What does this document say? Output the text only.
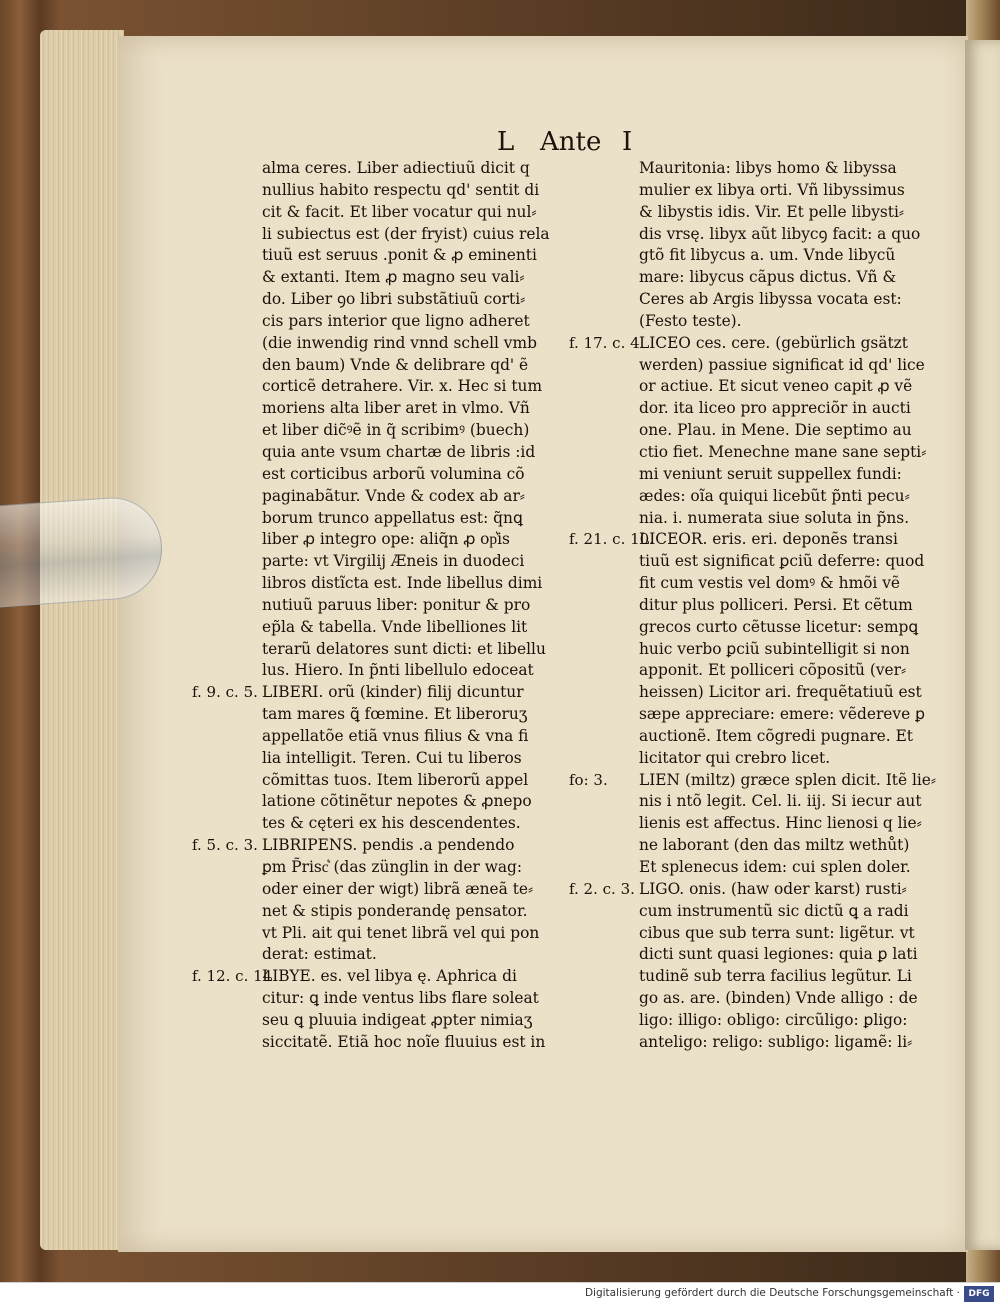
L Ante I
alma ceres. Liber adiectiuũ dicit q
nullius habito respectu qd' sentit di
cit & facit. Et liber vocatur qui nul⸗
li subiectus est (der fryist) cuius rela
tiuũ est seruus .ponit & ꝓ eminenti
& extanti. Item ꝓ magno seu vali⸗
do. Liber ꝯo libri substãtiuũ corti⸗
cis pars interior que ligno adheret
(die inwendig rind vnnd schell vmb
den baum) Vnde & delibrare qd' ẽ
corticẽ detrahere. Vir. x. Hec si tum
moriens alta liber aret in vlmo. Vñ
et liber dic̃ꝰẽ in q̃ scribimꝰ (buech)
quia ante vsum chartæ de libris :id
est corticibus arborũ volumina cõ
paginabãtur. Vnde & codex ab ar⸗
borum trunco appellatus est: q̃nꝗ
liber ꝓ integro ope: aliq̃n ꝓ op͛is
parte: vt Virgilij Æneis in duodeci
libros distĩcta est. Inde libellus dimi
nutiuũ paruus liber: ponitur & pro
ep̃la & tabella. Vnde libelliones lit
terarũ delatores sunt dicti: et libellu
lus. Hiero. In p̃nti libellulo edoceat
LIBERI. orũ (kinder) filij dicuntur
f. 9. c. 5.
tam mares ꝗ̃ fœmine. Et liberoruʒ
appellatõe etiã vnus filius & vna fi
lia intelligit. Teren. Cui tu liberos
cõmittas tuos. Item liberorũ appel
latione cõtinẽtur nepotes & ꝓnepo
tes & cęteri ex his descendentes.
LIBRIPENS. pendis .a pendendo
f. 5. c. 3.
ꝑm P̃risc͛ (das zünglin in der wag:
oder einer der wigt) librã æneã te⸗
net & stipis ponderandę pensator.
vt Pli. ait qui tenet librã vel qui pon
derat: estimat.
LIBYE. es. vel libya ę. Aphrica di
f. 12. c. 14
citur: ꝗ inde ventus libs flare soleat
seu ꝗ pluuia indigeat ꝓpter nimiaʒ
siccitatẽ. Etiã hoc noĩe fluuius est in
Mauritonia: libys homo & libyssa
mulier ex libya orti. Vñ libyssimus
& libystis idis. Vir. Et pelle libysti⸗
dis vrsę. libyx aũt libycꝯ facit: a quo
gtõ fit libycus a. um. Vnde libycũ
mare: libycus cãpus dictus. Vñ &
Ceres ab Argis libyssa vocata est:
(Festo teste).
LICEO ces. cere. (gebürlich gsätzt
f. 17. c. 4
werden) passiue significat id qd' lice
or actiue. Et sicut veneo capit ꝓ vẽ
dor. ita liceo pro appreciõr in aucti
one. Plau. in Mene. Die septimo au
ctio fiet. Menechne mane sane septi⸗
mi veniunt seruit suppellex fundi:
ædes: oĩa quiqui licebũt p̃nti pecu⸗
nia. i. numerata siue soluta in p̃ns.
LICEOR. eris. eri. deponẽs transi
f. 21. c. 10.
tiuũ est significat ꝑciũ deferre: quod
fit cum vestis vel domꝰ & hmõi vẽ
ditur plus polliceri. Persi. Et cẽtum
grecos curto cẽtusse licetur: sempꝗ
huic verbo ꝑciũ subintelligit si non
apponit. Et polliceri cõpositũ (ver⸗
heissen) Licitor ari. frequẽtatiuũ est
sæpe appreciare: emere: vẽdereve ꝑ
auctionẽ. Item cõgredi pugnare. Et
licitator qui crebro licet.
LIEN (miltz) græce splen dicit. Itẽ lie⸗
fo: 3.
nis i ntõ legit. Cel. li. iij. Si iecur aut
lienis est affectus. Hinc lienosi q lie⸗
ne laborant (den das miltz wethůt)
Et splenecus idem: cui splen doler.
LIGO. onis. (haw oder karst) rusti⸗
f. 2. c. 3.
cum instrumentũ sic dictũ ꝗ a radi
cibus que sub terra sunt: ligẽtur. vt
dicti sunt quasi legiones: quia ꝑ lati
tudinẽ sub terra facilius legũtur. Li
go as. are. (binden) Vnde alligo : de
ligo: illigo: obligo: circũligo: ꝑligo:
anteligo: religo: subligo: ligamẽ: li⸗
Digitalisierung gefördert durch die Deutsche Forschungsgemeinschaft · DFG
